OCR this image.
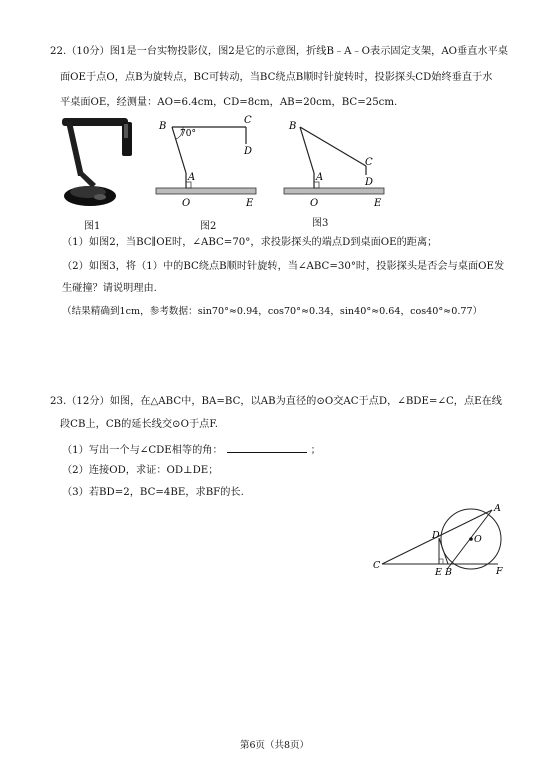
22.（10分）图1是一台实物投影仪，图2是它的示意图，折线B﹣A﹣O表示固定支架，AO垂直水平桌
面OE于点O，点B为旋转点，BC可转动，当BC绕点B顺时针旋转时，投影探头CD始终垂直于水
平桌面OE，经测量：AO=6.4cm，CD=8cm，AB=20cm，BC=25cm.
图1
B
C
D
A
O	E
70°
图2
B
C
D
A
O	E
图3
（1）如图2，当BC∥OE时，∠ABC=70°，求投影探头的端点D到桌面OE的距离；
（2）如图3，将（1）中的BC绕点B顺时针旋转，当∠ABC=30°时，投影探头是否会与桌面OE发
生碰撞？请说明理由.
（结果精确到1cm，参考数据：sin70°≈0.94，cos70°≈0.34，sin40°≈0.64，cos40°≈0.77）
23.（12分）如图，在△ABC中，BA=BC，以AB为直径的⊙O交AC于点D，∠BDE=∠C，点E在线
段CB上，CB的延长线交⊙O于点F.
（1）写出一个与∠CDE相等的角：	；
（2）连接OD，求证：OD⊥DE；
（3）若BD=2，BC=4BE，求BF的长.
A
D	O
C
E B	F
第6页（共8页）
